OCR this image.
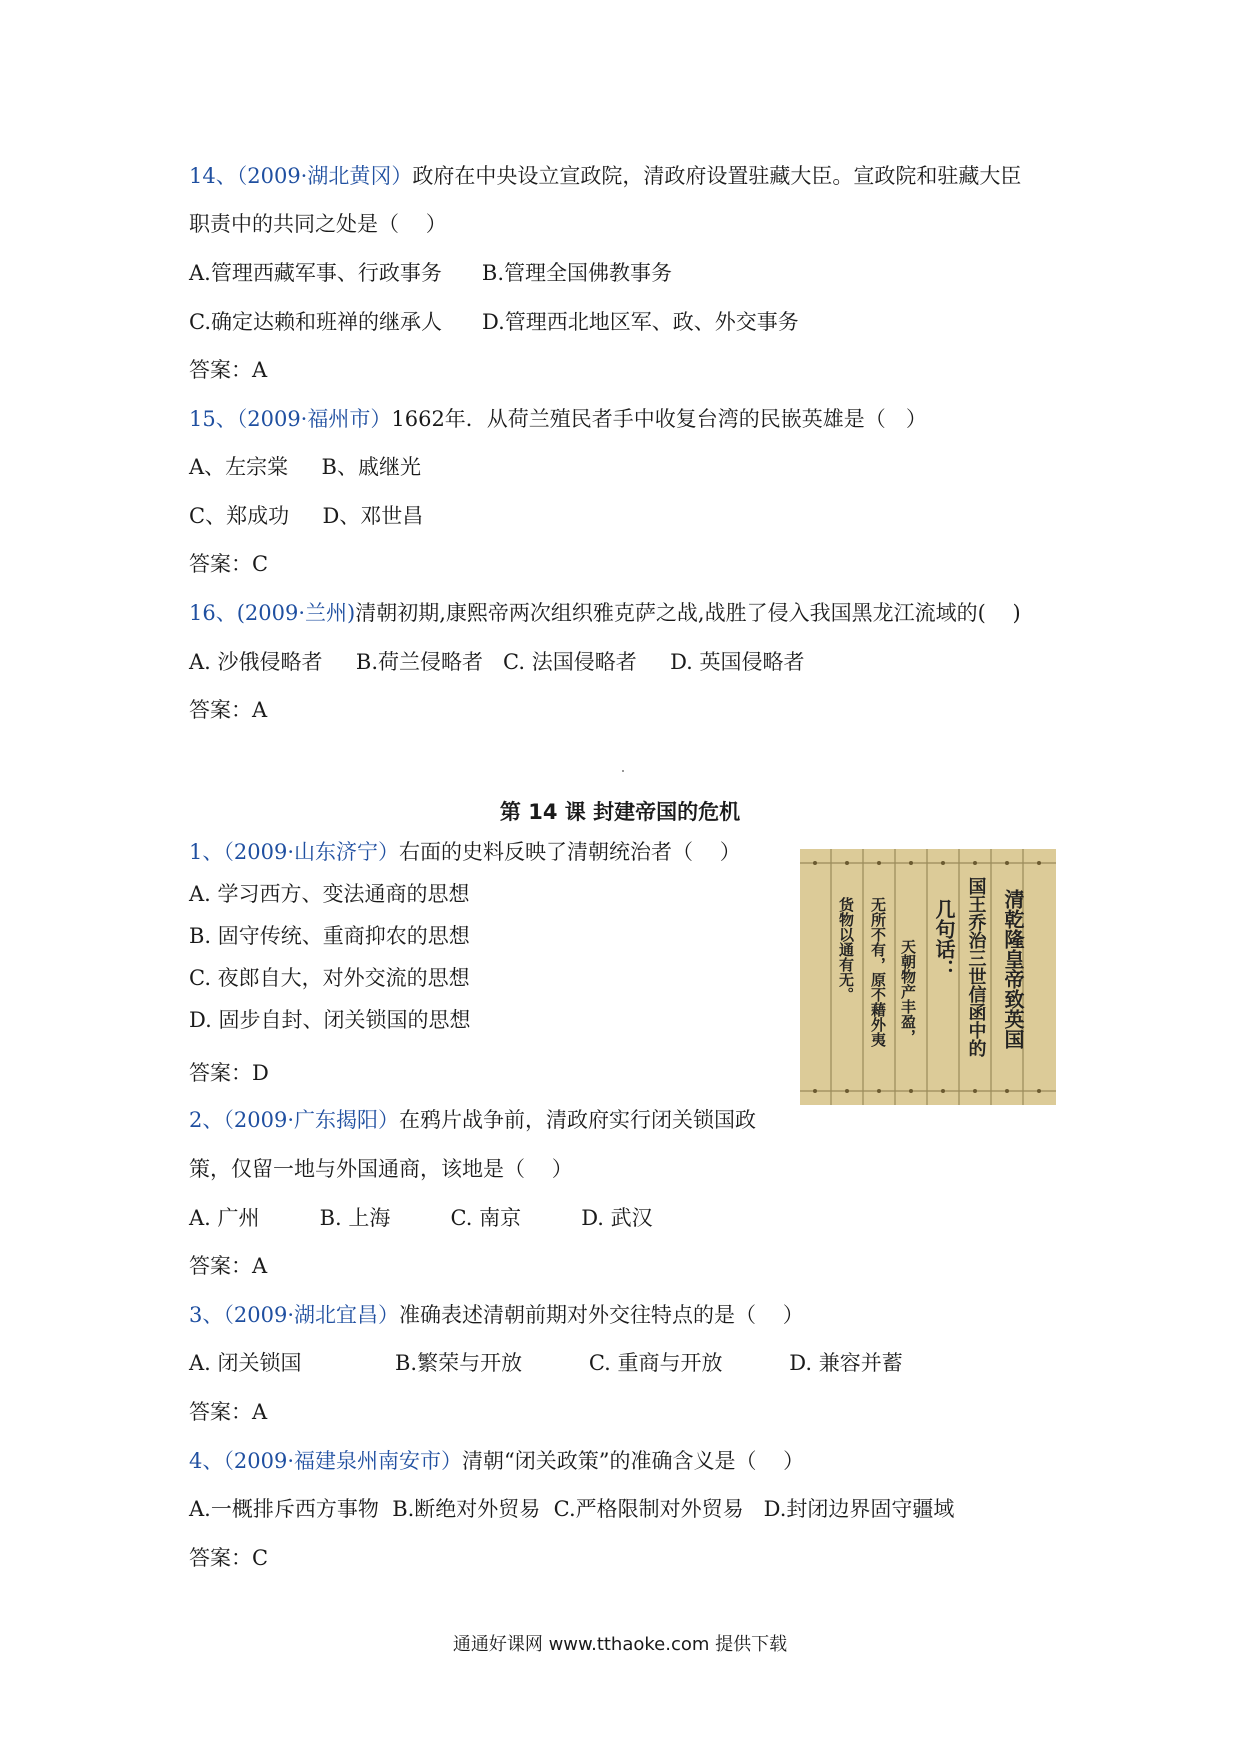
14、（2009·湖北黄冈）政府在中央设立宣政院，清政府设置驻藏大臣。宣政院和驻藏大臣
职责中的共同之处是（    ）
A.管理西藏军事、行政事务      B.管理全国佛教事务
C.确定达赖和班禅的继承人      D.管理西北地区军、政、外交事务
答案：A
15、（2009·福州市）1662年．从荷兰殖民者手中收复台湾的民嵌英雄是（   ）
A、左宗棠     B、戚继光
C、郑成功     D、邓世昌
答案：C
16、(2009·兰州)清朝初期,康熙帝两次组织雅克萨之战,战胜了侵入我国黑龙江流域的(    )
A. 沙俄侵略者     B.荷兰侵略者   C. 法国侵略者     D. 英国侵略者
答案：A
第 14 课 封建帝国的危机
1、（2009·山东济宁）右面的史料反映了清朝统治者（    ）
A. 学习西方、变法通商的思想
B. 固守传统、重商抑农的思想
C. 夜郎自大，对外交流的思想
D. 固步自封、闭关锁国的思想
答案：D
清乾隆皇帝致英国
国王乔治三世信函中的
几句话：
天朝物产丰盈，
无所不有，原不藉外夷
货物以通有无。
2、（2009·广东揭阳）在鸦片战争前，清政府实行闭关锁国政
策，仅留一地与外国通商，该地是（    ）
A. 广州         B. 上海         C. 南京         D. 武汉
答案：A
3、（2009·湖北宜昌）准确表述清朝前期对外交往特点的是（    ）
A. 闭关锁国              B.繁荣与开放          C. 重商与开放          D. 兼容并蓄
答案：A
4、（2009·福建泉州南安市）清朝“闭关政策”的准确含义是（    ）
A.一概排斥西方事物  B.断绝对外贸易  C.严格限制对外贸易   D.封闭边界固守疆域
答案：C
通通好课网 www.tthaoke.com 提供下载
